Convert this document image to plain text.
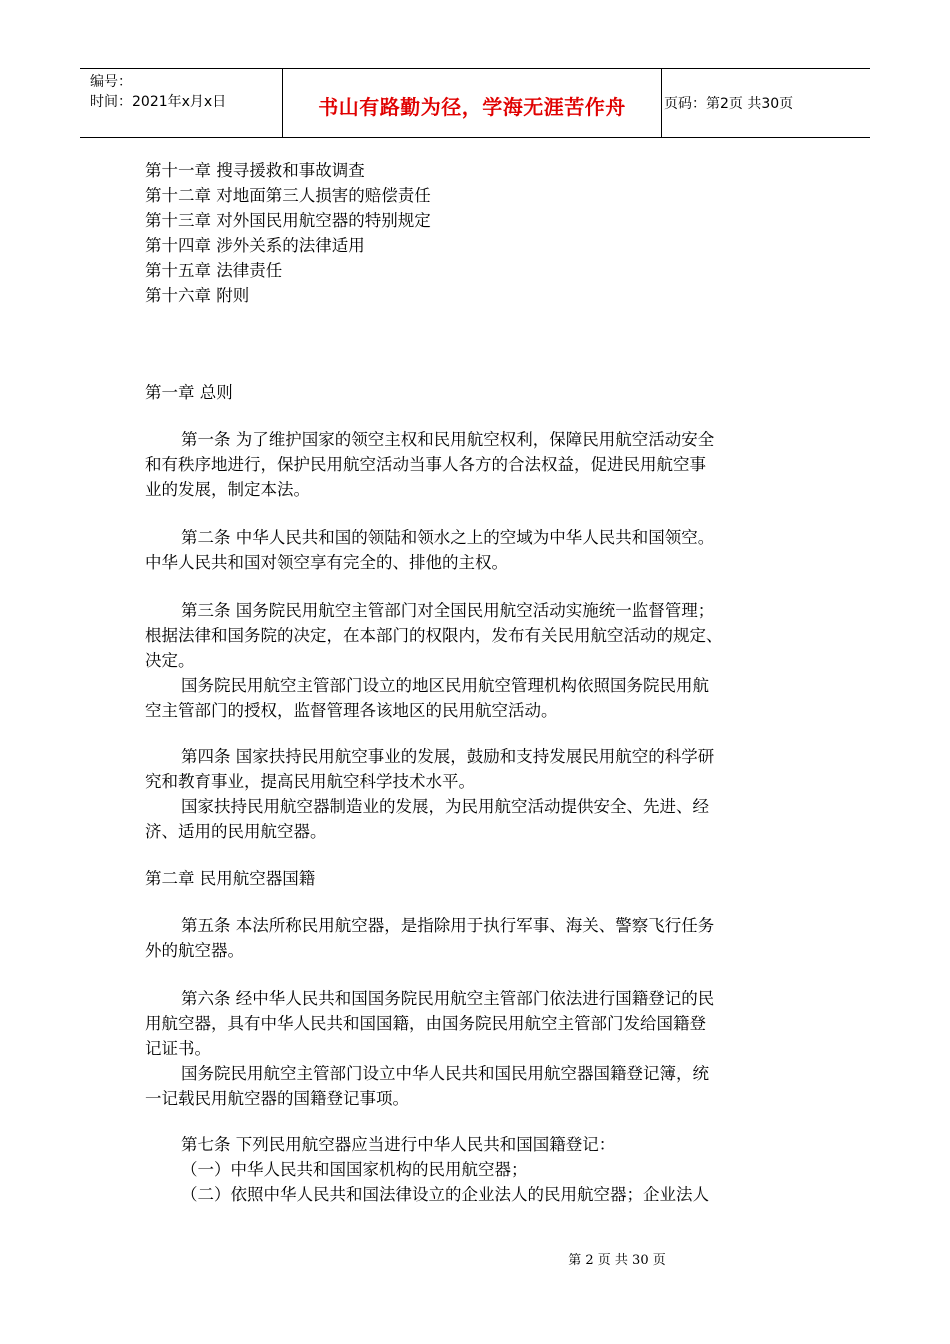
编号：
时间：2021年x月x日	书山有路勤为径，学海无涯苦作舟	页码：第2页 共30页
第十一章 搜寻援救和事故调查
第十二章 对地面第三人损害的赔偿责任
第十三章 对外国民用航空器的特别规定
第十四章 涉外关系的法律适用
第十五章 法律责任
第十六章 附则
第一章 总则
第一条 为了维护国家的领空主权和民用航空权利，保障民用航空活动安全
和有秩序地进行，保护民用航空活动当事人各方的合法权益，促进民用航空事
业的发展，制定本法。
第二条 中华人民共和国的领陆和领水之上的空域为中华人民共和国领空。
中华人民共和国对领空享有完全的、排他的主权。
第三条 国务院民用航空主管部门对全国民用航空活动实施统一监督管理；
根据法律和国务院的决定，在本部门的权限内，发布有关民用航空活动的规定、
决定。
国务院民用航空主管部门设立的地区民用航空管理机构依照国务院民用航
空主管部门的授权，监督管理各该地区的民用航空活动。
第四条 国家扶持民用航空事业的发展，鼓励和支持发展民用航空的科学研
究和教育事业，提高民用航空科学技术水平。
国家扶持民用航空器制造业的发展，为民用航空活动提供安全、先进、经
济、适用的民用航空器。
第二章 民用航空器国籍
第五条 本法所称民用航空器，是指除用于执行军事、海关、警察飞行任务
外的航空器。
第六条 经中华人民共和国国务院民用航空主管部门依法进行国籍登记的民
用航空器，具有中华人民共和国国籍，由国务院民用航空主管部门发给国籍登
记证书。
国务院民用航空主管部门设立中华人民共和国民用航空器国籍登记簿，统
一记载民用航空器的国籍登记事项。
第七条 下列民用航空器应当进行中华人民共和国国籍登记：
（一）中华人民共和国国家机构的民用航空器；
（二）依照中华人民共和国法律设立的企业法人的民用航空器；企业法人
第 2 页 共 30 页
